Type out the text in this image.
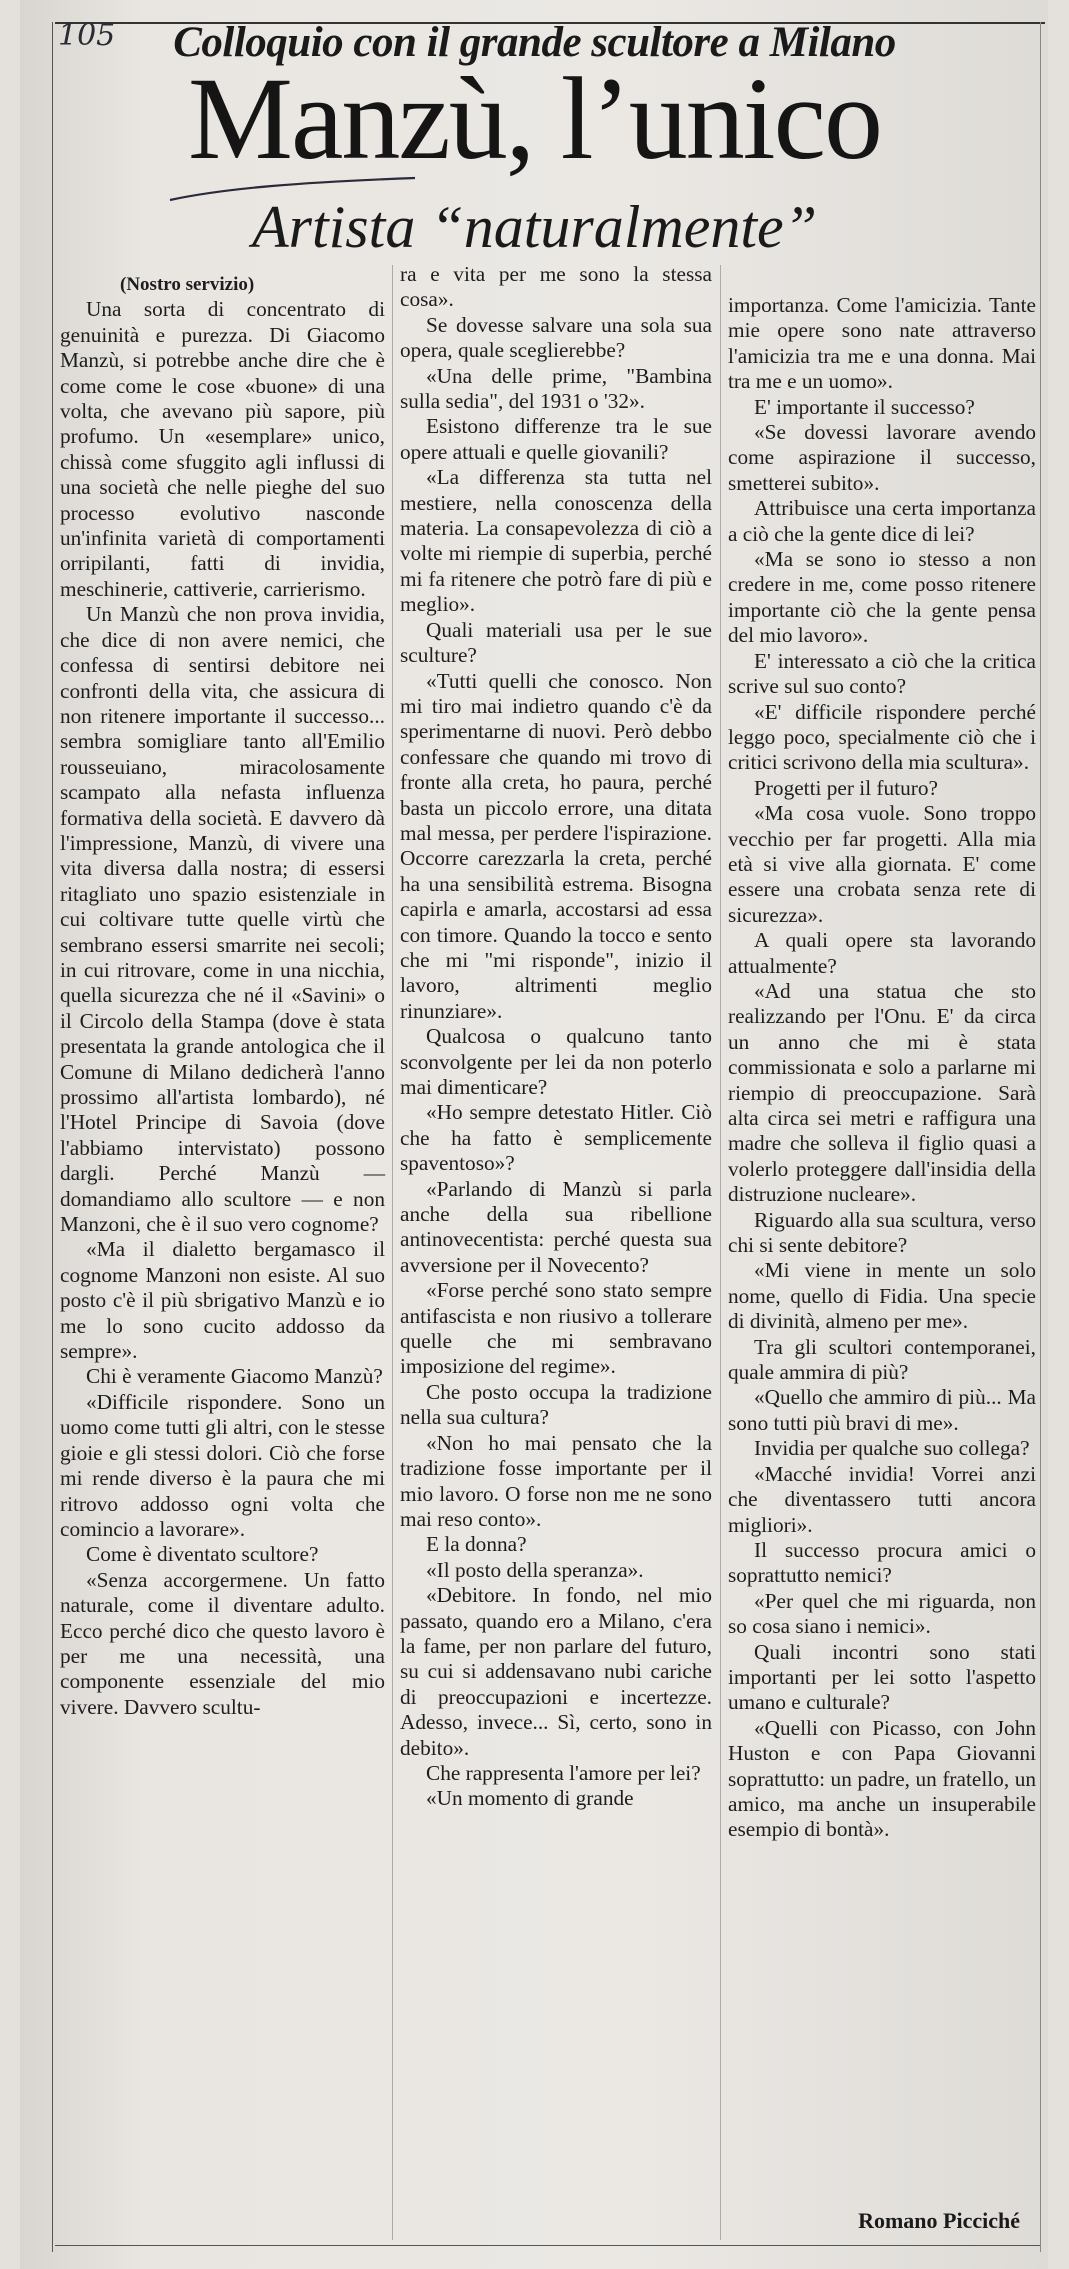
105	Colloquio con il grande scultore a Milano
Manzù, l’unico
Artista “naturalmente”

(Nostro servizio)

Una sorta di concentrato di genuinità e purezza. Di Giacomo Manzù, si potrebbe anche dire che è come come le cose «buone» di una volta, che avevano più sapore, più profumo. Un «esemplare» unico, chissà come sfuggito agli influssi di una società che nelle pieghe del suo processo evolutivo nasconde un'infinita varietà di comportamenti orripilanti, fatti di invidia, meschinerie, cattiverie, carrierismo.

Un Manzù che non prova invidia, che dice di non avere nemici, che confessa di sentirsi debitore nei confronti della vita, che assicura di non ritenere importante il successo... sembra somigliare tanto all'Emilio rousseuiano, miracolosamente scampato alla nefasta influenza formativa della società. E davvero dà l'impressione, Manzù, di vivere una vita diversa dalla nostra; di essersi ritagliato uno spazio esistenziale in cui coltivare tutte quelle virtù che sembrano essersi smarrite nei secoli; in cui ritrovare, come in una nicchia, quella sicurezza che né il «Savini» o il Circolo della Stampa (dove è stata presentata la grande antologica che il Comune di Milano dedicherà l'anno prossimo all'artista lombardo), né l'Hotel Principe di Savoia (dove l'abbiamo intervistato) possono dargli. Perché Manzù — domandiamo allo scultore — e non Manzoni, che è il suo vero cognome?

«Ma il dialetto bergamasco il cognome Manzoni non esiste. Al suo posto c'è il più sbrigativo Manzù e io me lo sono cucito addosso da sempre».

Chi è veramente Giacomo Manzù?

«Difficile rispondere. Sono un uomo come tutti gli altri, con le stesse gioie e gli stessi dolori. Ciò che forse mi rende diverso è la paura che mi ritrovo addosso ogni volta che comincio a lavorare».

Come è diventato scultore?

«Senza accorgermene. Un fatto naturale, come il diventare adulto. Ecco perché dico che questo lavoro è per me una necessità, una componente essenziale del mio vivere. Davvero scultu-

ra e vita per me sono la stessa cosa».

Se dovesse salvare una sola sua opera, quale sceglierebbe?

«Una delle prime, "Bambina sulla sedia", del 1931 o '32».

Esistono differenze tra le sue opere attuali e quelle giovanili?

«La differenza sta tutta nel mestiere, nella conoscenza della materia. La consapevolezza di ciò a volte mi riempie di superbia, perché mi fa ritenere che potrò fare di più e meglio».

Quali materiali usa per le sue sculture?

«Tutti quelli che conosco. Non mi tiro mai indietro quando c'è da sperimentarne di nuovi. Però debbo confessare che quando mi trovo di fronte alla creta, ho paura, perché basta un piccolo errore, una ditata mal messa, per perdere l'ispirazione. Occorre carezzarla la creta, perché ha una sensibilità estrema. Bisogna capirla e amarla, accostarsi ad essa con timore. Quando la tocco e sento che mi "mi risponde", inizio il lavoro, altrimenti meglio rinunziare».

Qualcosa o qualcuno tanto sconvolgente per lei da non poterlo mai dimenticare?

«Ho sempre detestato Hitler. Ciò che ha fatto è semplicemente spaventoso»?

«Parlando di Manzù si parla anche della sua ribellione antinovecentista: perché questa sua avversione per il Novecento?

«Forse perché sono stato sempre antifascista e non riusivo a tollerare quelle che mi sembravano imposizione del regime».

Che posto occupa la tradizione nella sua cultura?

«Non ho mai pensato che la tradizione fosse importante per il mio lavoro. O forse non me ne sono mai reso conto».

E la donna?

«Il posto della speranza».

«Debitore. In fondo, nel mio passato, quando ero a Milano, c'era la fame, per non parlare del futuro, su cui si addensavano nubi cariche di preoccupazioni e incertezze. Adesso, invece... Sì, certo, sono in debito».

Che rappresenta l'amore per lei?

«Un momento di grande

importanza. Come l'amicizia. Tante mie opere sono nate attraverso l'amicizia tra me e una donna. Mai tra me e un uomo».

E' importante il successo?

«Se dovessi lavorare avendo come aspirazione il successo, smetterei subito».

Attribuisce una certa importanza a ciò che la gente dice di lei?

«Ma se sono io stesso a non credere in me, come posso ritenere importante ciò che la gente pensa del mio lavoro».

E' interessato a ciò che la critica scrive sul suo conto?

«E' difficile rispondere perché leggo poco, specialmente ciò che i critici scrivono della mia scultura».

Progetti per il futuro?

«Ma cosa vuole. Sono troppo vecchio per far progetti. Alla mia età si vive alla giornata. E' come essere una crobata senza rete di sicurezza».

A quali opere sta lavorando attualmente?

«Ad una statua che sto realizzando per l'Onu. E' da circa un anno che mi è stata commissionata e solo a parlarne mi riempio di preoccupazione. Sarà alta circa sei metri e raffigura una madre che solleva il figlio quasi a volerlo proteggere dall'insidia della distruzione nucleare».

Riguardo alla sua scultura, verso chi si sente debitore?

«Mi viene in mente un solo nome, quello di Fidia. Una specie di divinità, almeno per me».

Tra gli scultori contemporanei, quale ammira di più?

«Quello che ammiro di più... Ma sono tutti più bravi di me».

Invidia per qualche suo collega?

«Macché invidia! Vorrei anzi che diventassero tutti ancora migliori».

Il successo procura amici o soprattutto nemici?

«Per quel che mi riguarda, non so cosa siano i nemici».

Quali incontri sono stati importanti per lei sotto l'aspetto umano e culturale?

«Quelli con Picasso, con John Huston e con Papa Giovanni soprattutto: un padre, un fratello, un amico, ma anche un insuperabile esempio di bontà».

Romano Picciché
